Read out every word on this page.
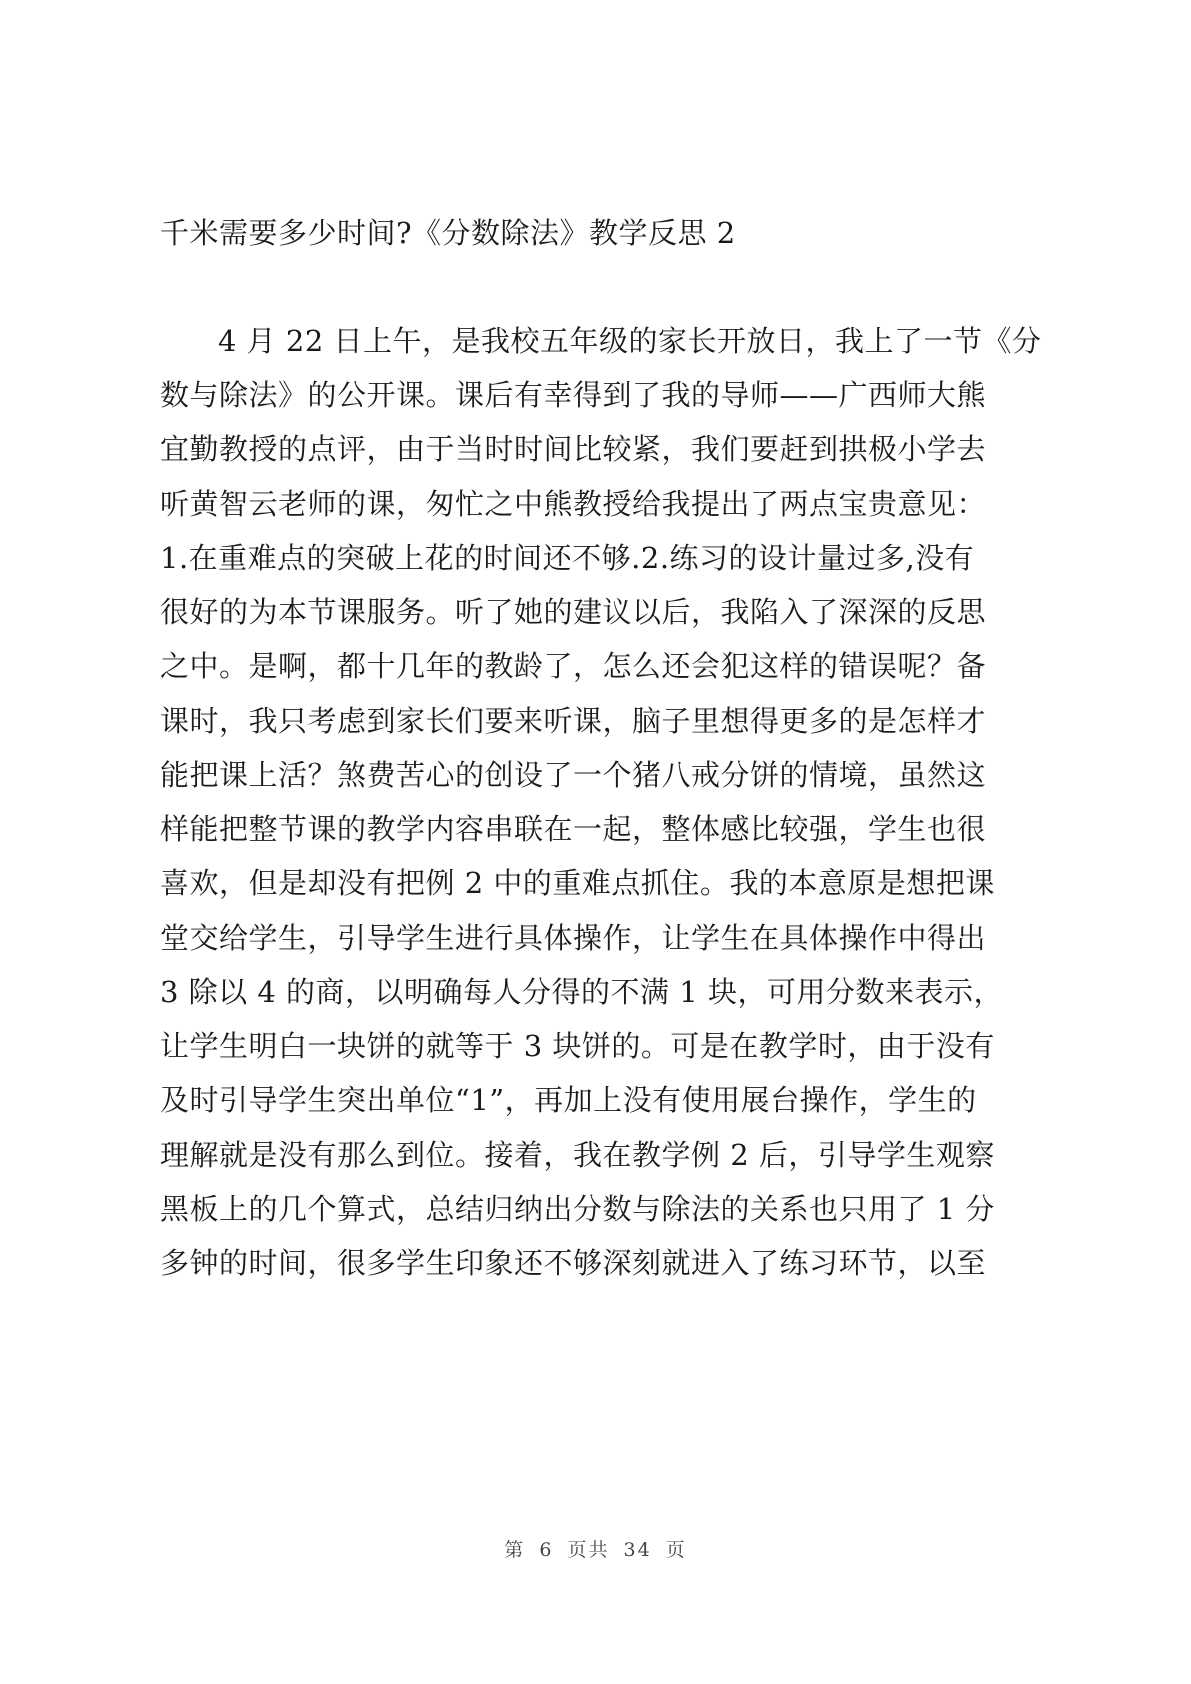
千米需要多少时间?《分数除法》教学反思 2
4 月 22 日上午，是我校五年级的家长开放日，我上了一节《分
数与除法》的公开课。课后有幸得到了我的导师——广西师大熊
宜勤教授的点评，由于当时时间比较紧，我们要赶到拱极小学去
听黄智云老师的课，匆忙之中熊教授给我提出了两点宝贵意见：
1.在重难点的突破上花的时间还不够.2.练习的设计量过多,没有
很好的为本节课服务。听了她的建议以后，我陷入了深深的反思
之中。是啊，都十几年的教龄了，怎么还会犯这样的错误呢？备
课时，我只考虑到家长们要来听课，脑子里想得更多的是怎样才
能把课上活？煞费苦心的创设了一个猪八戒分饼的情境，虽然这
样能把整节课的教学内容串联在一起，整体感比较强，学生也很
喜欢，但是却没有把例 2 中的重难点抓住。我的本意原是想把课
堂交给学生，引导学生进行具体操作，让学生在具体操作中得出
3 除以 4 的商，以明确每人分得的不满 1 块，可用分数来表示，
让学生明白一块饼的就等于 3 块饼的。可是在教学时，由于没有
及时引导学生突出单位“1”，再加上没有使用展台操作，学生的
理解就是没有那么到位。接着，我在教学例 2 后，引导学生观察
黑板上的几个算式，总结归纳出分数与除法的关系也只用了 1 分
多钟的时间，很多学生印象还不够深刻就进入了练习环节，以至
第 6 页共 34 页
